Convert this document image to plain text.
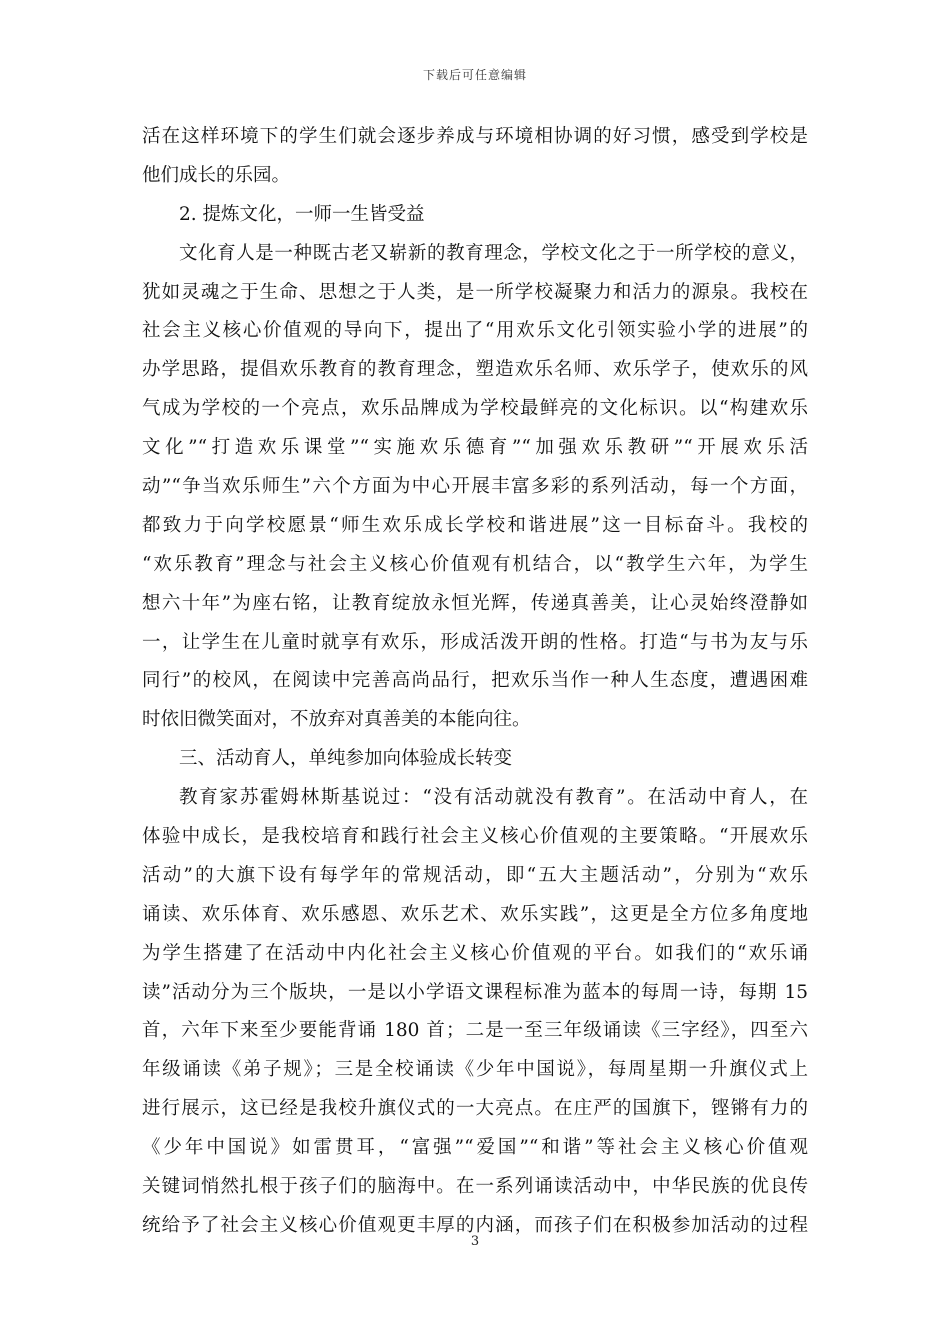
下载后可任意编辑
活在这样环境下的学生们就会逐步养成与环境相协调的好习惯，感受到学校是
他们成长的乐园。
2. 提炼文化，一师一生皆受益
文化育人是一种既古老又崭新的教育理念，学校文化之于一所学校的意义，
犹如灵魂之于生命、思想之于人类，是一所学校凝聚力和活力的源泉。我校在
社会主义核心价值观的导向下，提出了“用欢乐文化引领实验小学的进展”的
办学思路，提倡欢乐教育的教育理念，塑造欢乐名师、欢乐学子，使欢乐的风
气成为学校的一个亮点，欢乐品牌成为学校最鲜亮的文化标识。以“构建欢乐
文化”“打造欢乐课堂”“实施欢乐德育”“加强欢乐教研”“开展欢乐活
动”“争当欢乐师生”六个方面为中心开展丰富多彩的系列活动，每一个方面，
都致力于向学校愿景“师生欢乐成长学校和谐进展”这一目标奋斗。我校的
“欢乐教育”理念与社会主义核心价值观有机结合，以“教学生六年，为学生
想六十年”为座右铭，让教育绽放永恒光辉，传递真善美，让心灵始终澄静如
一，让学生在儿童时就享有欢乐，形成活泼开朗的性格。打造“与书为友与乐
同行”的校风，在阅读中完善高尚品行，把欢乐当作一种人生态度，遭遇困难
时依旧微笑面对，不放弃对真善美的本能向往。
三、活动育人，单纯参加向体验成长转变
教育家苏霍姆林斯基说过：“没有活动就没有教育”。在活动中育人，在
体验中成长，是我校培育和践行社会主义核心价值观的主要策略。“开展欢乐
活动”的大旗下设有每学年的常规活动，即“五大主题活动”，分别为“欢乐
诵读、欢乐体育、欢乐感恩、欢乐艺术、欢乐实践”，这更是全方位多角度地
为学生搭建了在活动中内化社会主义核心价值观的平台。如我们的“欢乐诵
读”活动分为三个版块，一是以小学语文课程标准为蓝本的每周一诗，每期 15
首，六年下来至少要能背诵 180 首；二是一至三年级诵读《三字经》，四至六
年级诵读《弟子规》；三是全校诵读《少年中国说》，每周星期一升旗仪式上
进行展示，这已经是我校升旗仪式的一大亮点。在庄严的国旗下，铿锵有力的
《少年中国说》如雷贯耳，“富强”“爱国”“和谐”等社会主义核心价值观
关键词悄然扎根于孩子们的脑海中。在一系列诵读活动中，中华民族的优良传
统给予了社会主义核心价值观更丰厚的内涵，而孩子们在积极参加活动的过程
3
